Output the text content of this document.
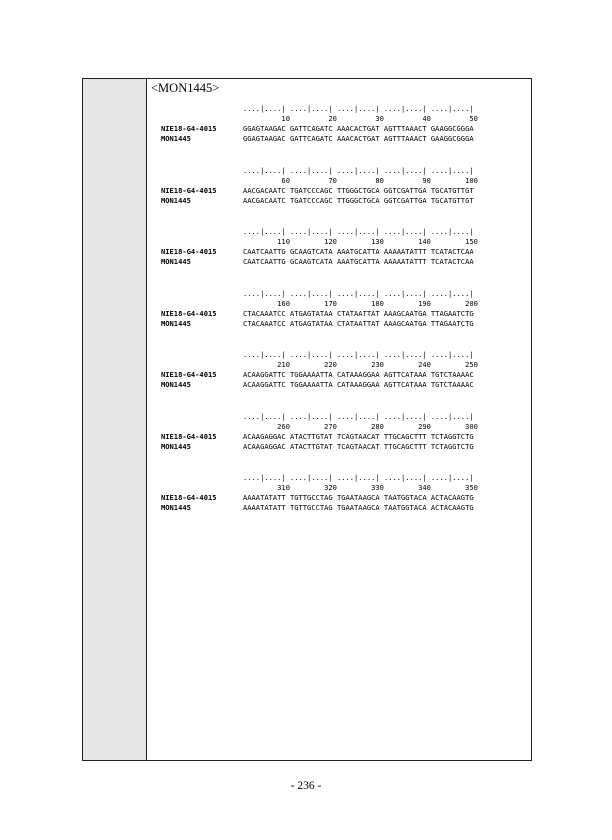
<MON1445>
....|....| ....|....| ....|....| ....|....| ....|....|
10         20         30         40         50
NIE18-G4-4015	GGAGTAAGAC GATTCAGATC AAACACTGAT AGTTTAAACT GAAGGCGGGA
MON1445	GGAGTAAGAC GATTCAGATC AAACACTGAT AGTTTAAACT GAAGGCGGGA
....|....| ....|....| ....|....| ....|....| ....|....|
60         70         80         90        100
NIE18-G4-4015	AACGACAATC TGATCCCAGC TTGGGCTGCA GGTCGATTGA TGCATGTTGT
MON1445	AACGACAATC TGATCCCAGC TTGGGCTGCA GGTCGATTGA TGCATGTTGT
....|....| ....|....| ....|....| ....|....| ....|....|
110        120        130        140        150
NIE18-G4-4015	CAATCAATTG GCAAGTCATA AAATGCATTA AAAAATATTT TCATACTCAA
MON1445	CAATCAATTG GCAAGTCATA AAATGCATTA AAAAATATTT TCATACTCAA
....|....| ....|....| ....|....| ....|....| ....|....|
160        170        180        190        200
NIE18-G4-4015	CTACAAATCC ATGAGTATAA CTATAATTAT AAAGCAATGA TTAGAATCTG
MON1445	CTACAAATCC ATGAGTATAA CTATAATTAT AAAGCAATGA TTAGAATCTG
....|....| ....|....| ....|....| ....|....| ....|....|
210        220        230        240        250
NIE18-G4-4015	ACAAGGATTC TGGAAAATTA CATAAAGGAA AGTTCATAAA TGTCTAAAAC
MON1445	ACAAGGATTC TGGAAAATTA CATAAAGGAA AGTTCATAAA TGTCTAAAAC
....|....| ....|....| ....|....| ....|....| ....|....|
260        270        280        290        300
NIE18-G4-4015	ACAAGAGGAC ATACTTGTAT TCAGTAACAT TTGCAGCTTT TCTAGGTCTG
MON1445	ACAAGAGGAC ATACTTGTAT TCAGTAACAT TTGCAGCTTT TCTAGGTCTG
....|....| ....|....| ....|....| ....|....| ....|....|
310        320        330        340        350
NIE18-G4-4015	AAAATATATT TGTTGCCTAG TGAATAAGCA TAATGGTACA ACTACAAGTG
MON1445	AAAATATATT TGTTGCCTAG TGAATAAGCA TAATGGTACA ACTACAAGTG
- 236 -
